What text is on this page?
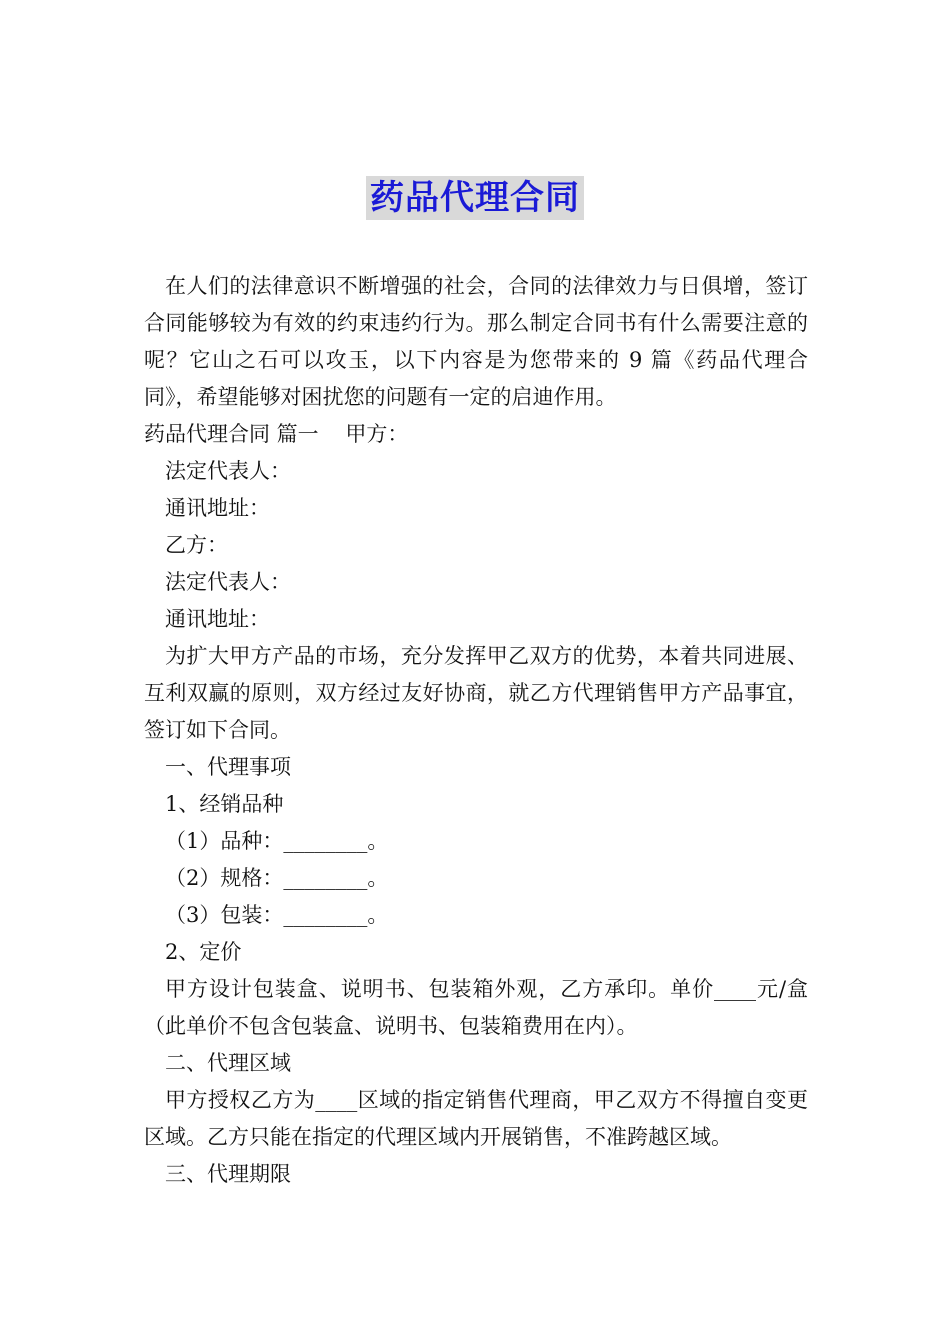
药品代理合同

在人们的法律意识不断增强的社会，合同的法律效力与日俱增，签订合同能够较为有效的约束违约行为。那么制定合同书有什么需要注意的呢？它山之石可以攻玉，以下内容是为您带来的 9 篇《药品代理合同》，希望能够对困扰您的问题有一定的启迪作用。

药品代理合同 篇一    甲方：

法定代表人：

通讯地址：

乙方：

法定代表人：

通讯地址：

为扩大甲方产品的市场，充分发挥甲乙双方的优势，本着共同进展、互利双赢的原则，双方经过友好协商，就乙方代理销售甲方产品事宜，签订如下合同。

一、代理事项

1、经销品种

（1）品种：________。

（2）规格：________。

（3）包装：________。

2、定价

甲方设计包装盒、说明书、包装箱外观，乙方承印。单价____元/盒（此单价不包含包装盒、说明书、包装箱费用在内）。

二、代理区域

甲方授权乙方为____区域的指定销售代理商，甲乙双方不得擅自变更区域。乙方只能在指定的代理区域内开展销售，不准跨越区域。

三、代理期限
